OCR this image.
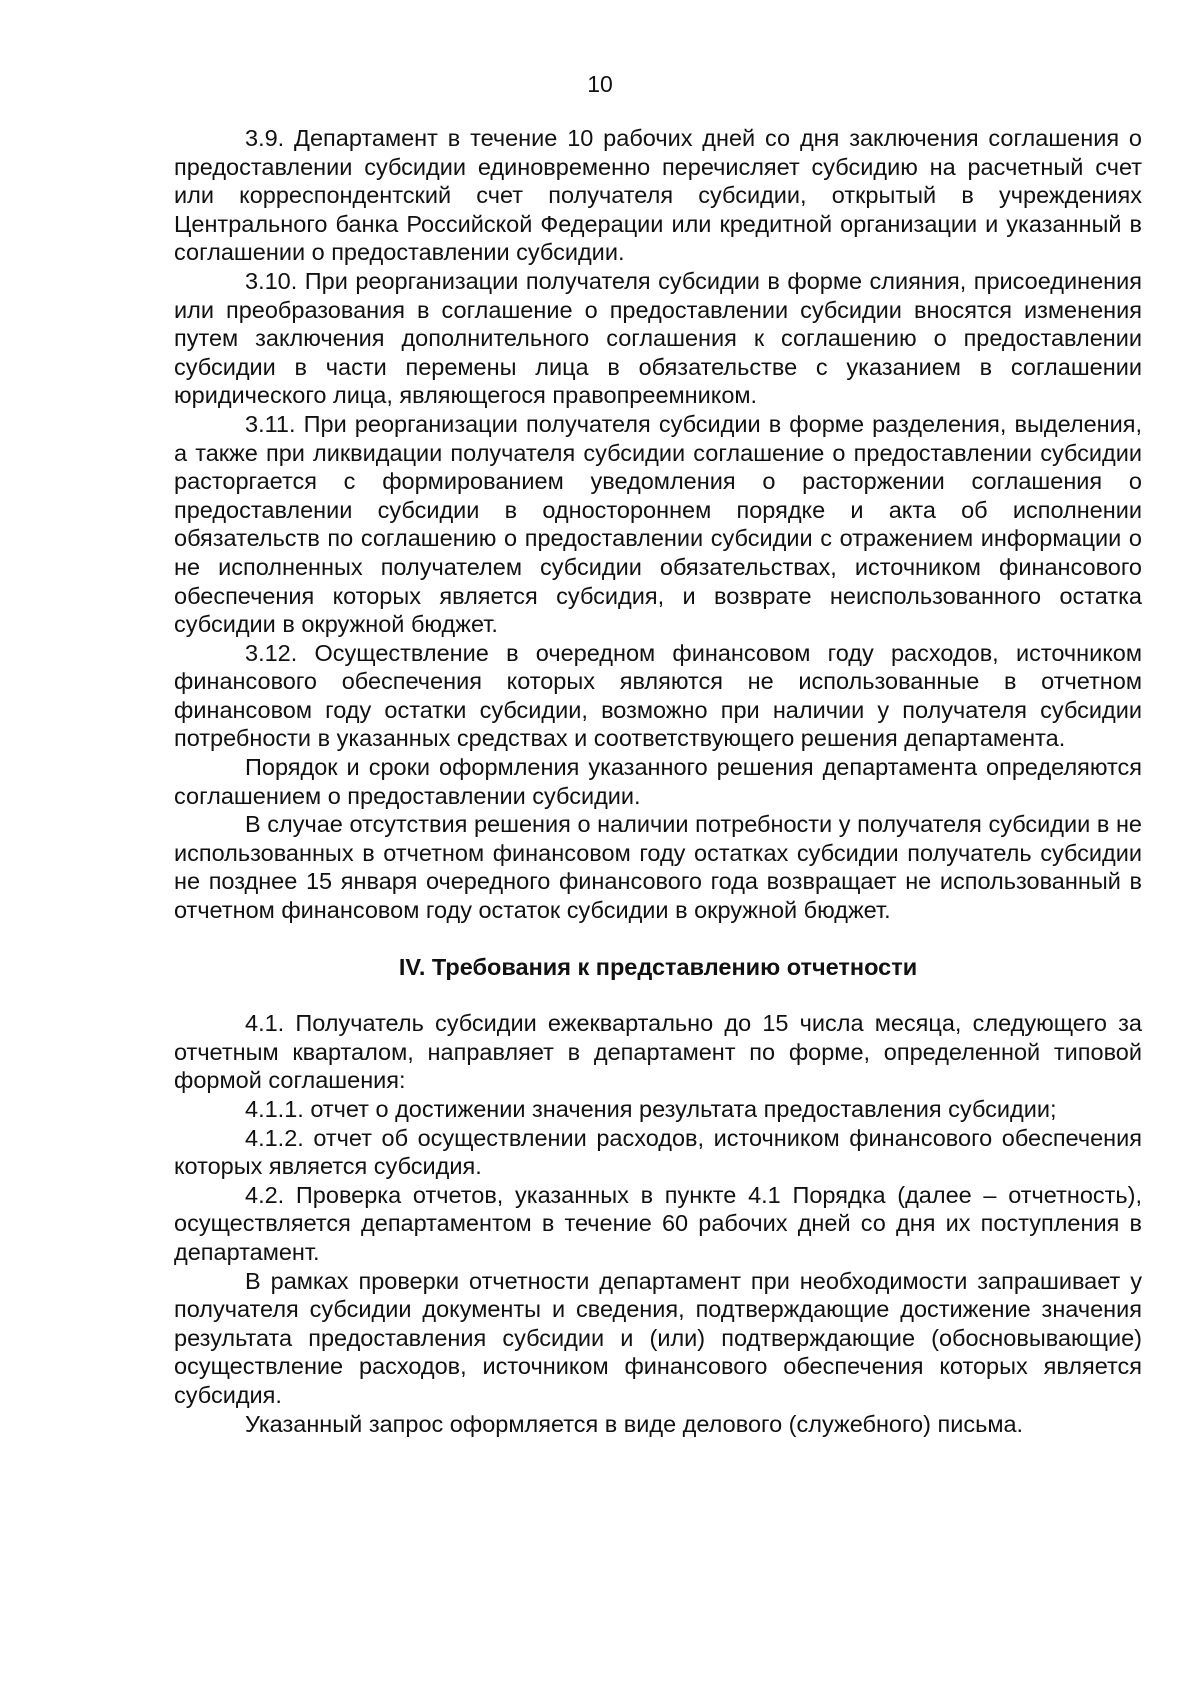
10

3.9. Департамент в течение 10 рабочих дней со дня заключения соглашения о предоставлении субсидии единовременно перечисляет субсидию на расчетный счет или корреспондентский счет получателя субсидии, открытый в учреждениях Центрального банка Российской Федерации или кредитной организации и указанный в соглашении о предоставлении субсидии.

3.10. При реорганизации получателя субсидии в форме слияния, присоединения или преобразования в соглашение о предоставлении субсидии вносятся изменения путем заключения дополнительного соглашения к соглашению о предоставлении субсидии в части перемены лица в обязательстве с указанием в соглашении юридического лица, являющегося правопреемником.

3.11. При реорганизации получателя субсидии в форме разделения, выделения, а также при ликвидации получателя субсидии соглашение о предоставлении субсидии расторгается с формированием уведомления о расторжении соглашения о предоставлении субсидии в одностороннем порядке и акта об исполнении обязательств по соглашению о предоставлении субсидии с отражением информации о не исполненных получателем субсидии обязательствах, источником финансового обеспечения которых является субсидия, и возврате неиспользованного остатка субсидии в окружной бюджет.

3.12. Осуществление в очередном финансовом году расходов, источником финансового обеспечения которых являются не использованные в отчетном финансовом году остатки субсидии, возможно при наличии у получателя субсидии потребности в указанных средствах и соответствующего решения департамента.

Порядок и сроки оформления указанного решения департамента определяются соглашением о предоставлении субсидии.

В случае отсутствия решения о наличии потребности у получателя субсидии в не использованных в отчетном финансовом году остатках субсидии получатель субсидии не позднее 15 января очередного финансового года возвращает не использованный в отчетном финансовом году остаток субсидии в окружной бюджет.

IV. Требования к представлению отчетности

4.1. Получатель субсидии ежеквартально до 15 числа месяца, следующего за отчетным кварталом, направляет в департамент по форме, определенной типовой формой соглашения:

4.1.1. отчет о достижении значения результата предоставления субсидии;

4.1.2. отчет об осуществлении расходов, источником финансового обеспечения которых является субсидия.

4.2. Проверка отчетов, указанных в пункте 4.1 Порядка (далее – отчетность), осуществляется департаментом в течение 60 рабочих дней со дня их поступления в департамент.

В рамках проверки отчетности департамент при необходимости запрашивает у получателя субсидии документы и сведения, подтверждающие достижение значения результата предоставления субсидии и (или) подтверждающие (обосновывающие) осуществление расходов, источником финансового обеспечения которых является субсидия.

Указанный запрос оформляется в виде делового (служебного) письма.
